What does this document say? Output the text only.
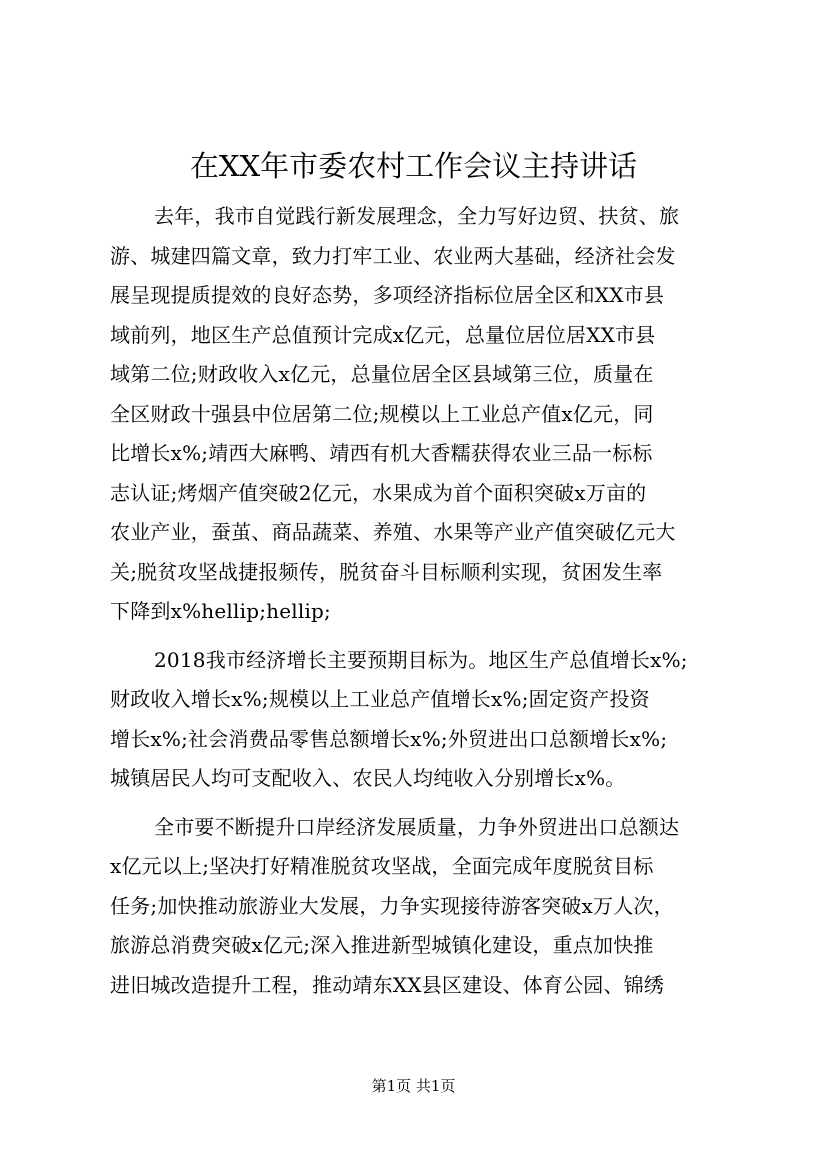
在XX年市委农村工作会议主持讲话
去年，我市自觉践行新发展理念，全力写好边贸、扶贫、旅
游、城建四篇文章，致力打牢工业、农业两大基础，经济社会发
展呈现提质提效的良好态势，多项经济指标位居全区和XX市县
域前列，地区生产总值预计完成x亿元，总量位居位居XX市县
域第二位;财政收入x亿元，总量位居全区县域第三位，质量在
全区财政十强县中位居第二位;规模以上工业总产值x亿元，同
比增长x%;靖西大麻鸭、靖西有机大香糯获得农业三品一标标
志认证;烤烟产值突破2亿元，水果成为首个面积突破x万亩的
农业产业，蚕茧、商品蔬菜、养殖、水果等产业产值突破亿元大
关;脱贫攻坚战捷报频传，脱贫奋斗目标顺利实现，贫困发生率
下降到x%hellip;hellip;
2018我市经济增长主要预期目标为。地区生产总值增长x%;
财政收入增长x%;规模以上工业总产值增长x%;固定资产投资
增长x%;社会消费品零售总额增长x%;外贸进出口总额增长x%;
城镇居民人均可支配收入、农民人均纯收入分别增长x%。
全市要不断提升口岸经济发展质量，力争外贸进出口总额达
x亿元以上;坚决打好精准脱贫攻坚战，全面完成年度脱贫目标
任务;加快推动旅游业大发展，力争实现接待游客突破x万人次，
旅游总消费突破x亿元;深入推进新型城镇化建设，重点加快推
进旧城改造提升工程，推动靖东XX县区建设、体育公园、锦绣
第1页 共1页
